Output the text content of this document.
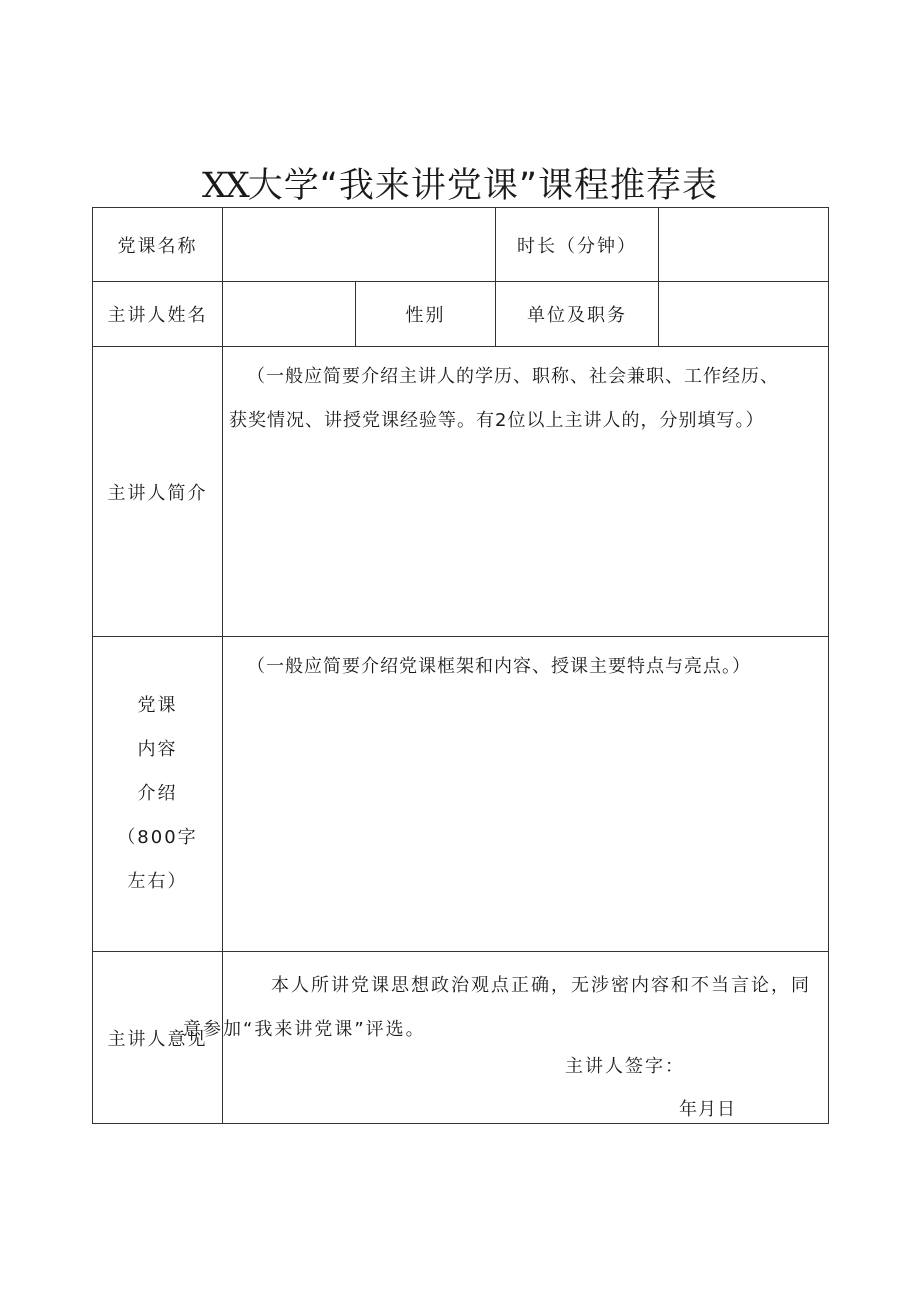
XX大学“我来讲党课”课程推荐表
党课名称			时长（分钟）	
主讲人姓名		性别	单位及职务	
主讲人简介	（一般应简要介绍主讲人的学历、职称、社会兼职、工作经历、

获奖情况、讲授党课经验等。有2位以上主讲人的，分别填写。）			

党课
内容
介绍
（800字
左右）	（一般应简要介绍党课框架和内容、授课主要特点与亮点。）			

主讲人意见	本人所讲党课思想政治观点正确，无涉密内容和不当言论，同
意参加“我来讲党课”评选。

主讲人签字：
年月日			
